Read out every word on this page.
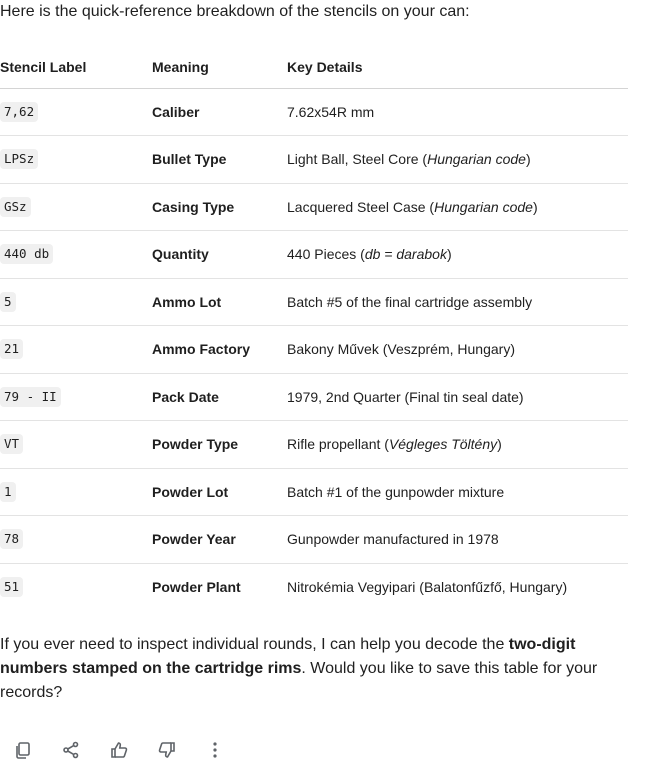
Here is the quick-reference breakdown of the stencils on your can:

Stencil Label	Meaning	Key Details
7,62	Caliber	7.62x54R mm
LPSz	Bullet Type	Light Ball, Steel Core (Hungarian code)
GSz	Casing Type	Lacquered Steel Case (Hungarian code)
440 db	Quantity	440 Pieces (db = darabok)
5	Ammo Lot	Batch #5 of the final cartridge assembly
21	Ammo Factory	Bakony Művek (Veszprém, Hungary)
79 - II	Pack Date	1979, 2nd Quarter (Final tin seal date)
VT	Powder Type	Rifle propellant (Végleges Töltény)
1	Powder Lot	Batch #1 of the gunpowder mixture
78	Powder Year	Gunpowder manufactured in 1978
51	Powder Plant	Nitrokémia Vegyipari (Balatonfűzfő, Hungary)

If you ever need to inspect individual rounds, I can help you decode the two-digit numbers stamped on the cartridge rims. Would you like to save this table for your records?
